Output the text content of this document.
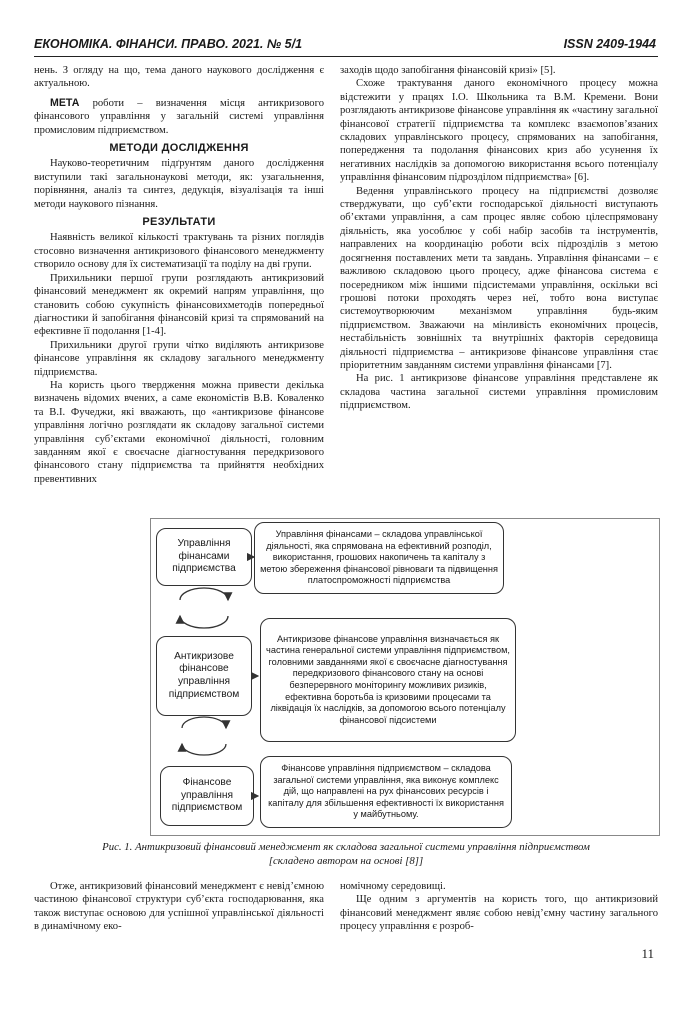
ЕКОНОМІКА. ФІНАНСИ. ПРАВО. 2021. № 5/1	ISSN 2409-1944

нень. З огляду на що, тема даного наукового дослідження є актуальною.

МЕТА роботи – визначення місця антикризового фінансового управління у загальній системі управління промисловим підприємством.

МЕТОДИ ДОСЛІДЖЕННЯ

Науково-теоретичним підґрунтям даного дослідження виступили такі загальнонаукові методи, як: узагальнення, порівняння, аналіз та синтез, дедукція, візуалізація та інші методи наукового пізнання.

РЕЗУЛЬТАТИ

Наявність великої кількості трактувань та різних поглядів стосовно визначення антикризового фінансового менеджменту створило основу для їх систематизації та поділу на дві групи.

Прихильники першої групи розглядають антикризовий фінансовий менеджмент як окремий напрям управління, що становить собою сукупність фінансовихметодів попередньої діагностики й запобігання фінансовій кризі та спрямований на ефективне її подолання [1-4].

Прихильники другої групи чітко виділяють антикризове фінансове управління як складову загального менеджменту підприємства.

На користь цього твердження можна привести декілька визначень відомих вчених, а саме економістів В.В. Коваленко та В.І. Фучеджи, які вважають, що «антикризове фінансове управління логічно розглядати як складову загальної системи управління суб’єктами економічної діяльності, головним завданням якої є своєчасне діагностування передкризового фінансового стану підприємства та прийняття необхідних превентивних

заходів щодо запобігання фінансовій кризі» [5].

Схоже трактування даного економічного процесу можна відстежити у працях І.О. Школьника та В.М. Кремени. Вони розглядають антикризове фінансове управління як «частину загальної фінансової стратегії підприємства та комплекс взаємопов’язаних складових управлінського процесу, спрямованих на запобігання, попередження та подолання фінансових криз або усунення їх негативних наслідків за допомогою використання всього потенціалу управління фінансовим підрозділом підприємства» [6].

Ведення управлінського процесу на підприємстві дозволяє стверджувати, що суб’єкти господарської діяльності виступають об’єктами управління, а сам процес являє собою цілеспрямовану діяльність, яка уособлює у собі набір засобів та інструментів, направлених на координацію роботи всіх підрозділів з метою досягнення поставлених мети та завдань. Управління фінансами – є важливою складовою цього процесу, адже фінансова система є посередником між іншими підсистемами управління, оскільки всі грошові потоки проходять через неї, тобто вона виступає системоутворюючим механізмом управління будь-яким підприємством. Зважаючи на мінливість економічних процесів, нестабільність зовнішніх та внутрішніх факторів середовища діяльності підприємства – антикризове фінансове управління стає пріоритетним завданням системи управління фінансами [7].

На рис. 1 антикризове фінансове управління представлене як складова частина загальної системи управління промисловим підприємством.

Управління фінансами підприємства
Управління фінансами – складова управлінської діяльності, яка спрямована на ефективний розподіл, використання, грошових накопичень та капіталу з метою збереження фінансової рівноваги та підвищення платоспроможності підприємства
Антикризове фінансове управління підприємством
Антикризове фінансове управління визначається як частина генеральної системи управління підприємством, головними завданнями якої є своєчасне діагностування передкризового фінансового стану на основі безперервного моніторингу можливих ризиків, ефективна боротьба із кризовими процесами та ліквідація їх наслідків, за допомогою всього потенціалу фінансової підсистеми
Фінансове управління підприємством
Фінансове управління підприємством – складова загальної системи управління, яка виконує комплекс дій, що направлені на рух фінансових ресурсів і капіталу для збільшення ефективності їх використання у майбутньому.
Рис. 1. Антикризовий фінансовий менеджмент як складова загальної системи управління підприємством
[складено автором на основі [8]]

Отже, антикризовий фінансовий менеджмент є невід’ємною частиною фінансової структури суб’єкта господарювання, яка також виступає основою для успішної управлінської діяльності в динамічному еко-

номічному середовищі.

Ще одним з аргументів на користь того, що антикризовий фінансовий менеджмент являє собою невід’ємну частину загального процесу управління є розроб-

11
